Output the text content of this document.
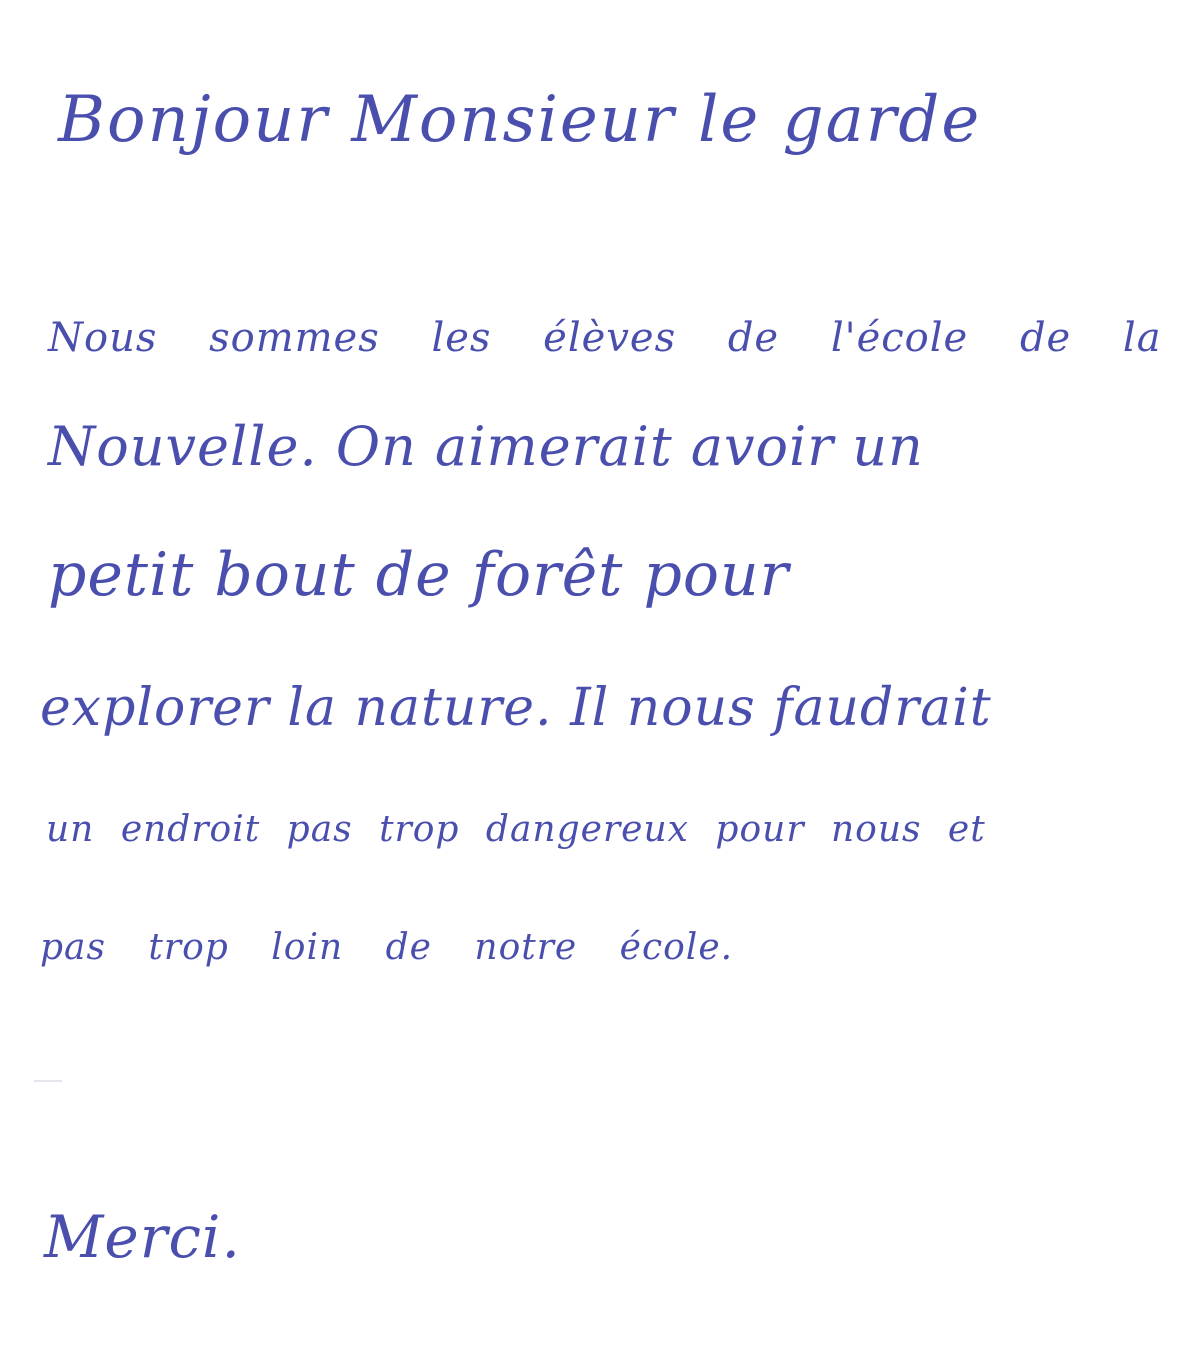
Bonjour Monsieur le garde
Nous sommes les élèves de l'école de la
Nouvelle. On aimerait avoir un
petit bout de forêt pour
explorer la nature. Il nous faudrait
un endroit pas trop dangereux pour nous et
pas trop loin de notre école.
Merci.
